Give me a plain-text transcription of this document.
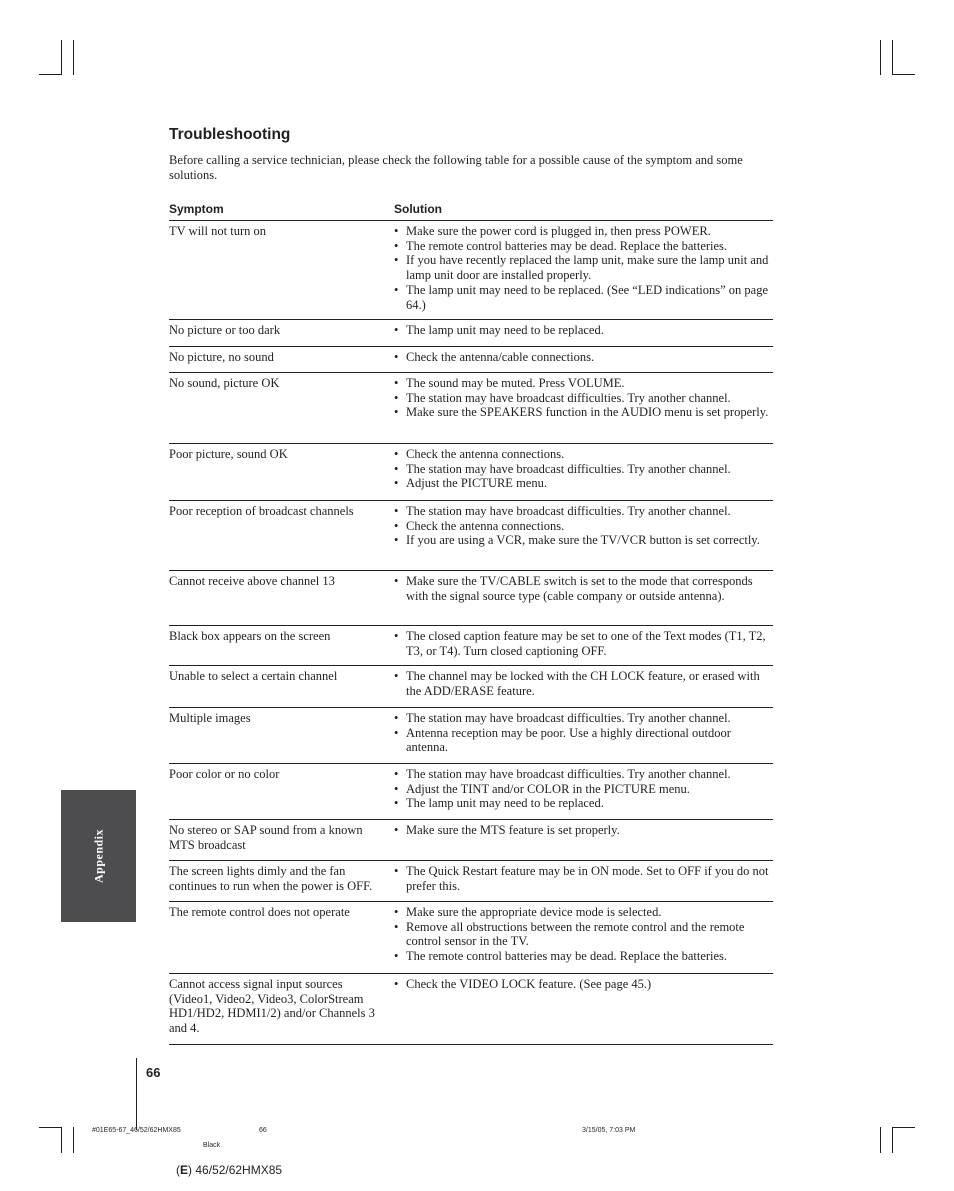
Troubleshooting

Before calling a service technician, please check the following table for a possible cause of the symptom and some solutions.

Symptom	Solution
TV will not turn on	• Make sure the power cord is plugged in, then press POWER.
• The remote control batteries may be dead. Replace the batteries.
• If you have recently replaced the lamp unit, make sure the lamp unit and lamp unit door are installed properly.
• The lamp unit may need to be replaced. (See “LED indications” on page 64.)
No picture or too dark	• The lamp unit may need to be replaced.
No picture, no sound	• Check the antenna/cable connections.
No sound, picture OK	• The sound may be muted. Press VOLUME.
• The station may have broadcast difficulties. Try another channel.
• Make sure the SPEAKERS function in the AUDIO menu is set properly.
Poor picture, sound OK	• Check the antenna connections.
• The station may have broadcast difficulties. Try another channel.
• Adjust the PICTURE menu.
Poor reception of broadcast channels	• The station may have broadcast difficulties. Try another channel.
• Check the antenna connections.
• If you are using a VCR, make sure the TV/VCR button is set correctly.
Cannot receive above channel 13	• Make sure the TV/CABLE switch is set to the mode that corresponds with the signal source type (cable company or outside antenna).
Black box appears on the screen	• The closed caption feature may be set to one of the Text modes (T1, T2, T3, or T4). Turn closed captioning OFF.
Unable to select a certain channel	• The channel may be locked with the CH LOCK feature, or erased with the ADD/ERASE feature.
Multiple images	• The station may have broadcast difficulties. Try another channel.
• Antenna reception may be poor. Use a highly directional outdoor antenna.
Poor color or no color	• The station may have broadcast difficulties. Try another channel.
• Adjust the TINT and/or COLOR in the PICTURE menu.
• The lamp unit may need to be replaced.
No stereo or SAP sound from a known MTS broadcast
• Make sure the MTS feature is set properly.
The screen lights dimly and the fan continues to run when the power is OFF.
• The Quick Restart feature may be in ON mode. Set to OFF if you do not prefer this.
The remote control does not operate	• Make sure the appropriate device mode is selected.
• Remove all obstructions between the remote control and the remote control sensor in the TV.
• The remote control batteries may be dead. Replace the batteries.
Cannot access signal input sources (Video1, Video2, Video3, ColorStream HD1/HD2, HDMI1/2) and/or Channels 3 and 4.
• Check the VIDEO LOCK feature. (See page 45.)
Appendix
66
#01E65-67_46/52/62HMX85	66	3/15/05, 7:03 PM
Black
(E) 46/52/62HMX85
